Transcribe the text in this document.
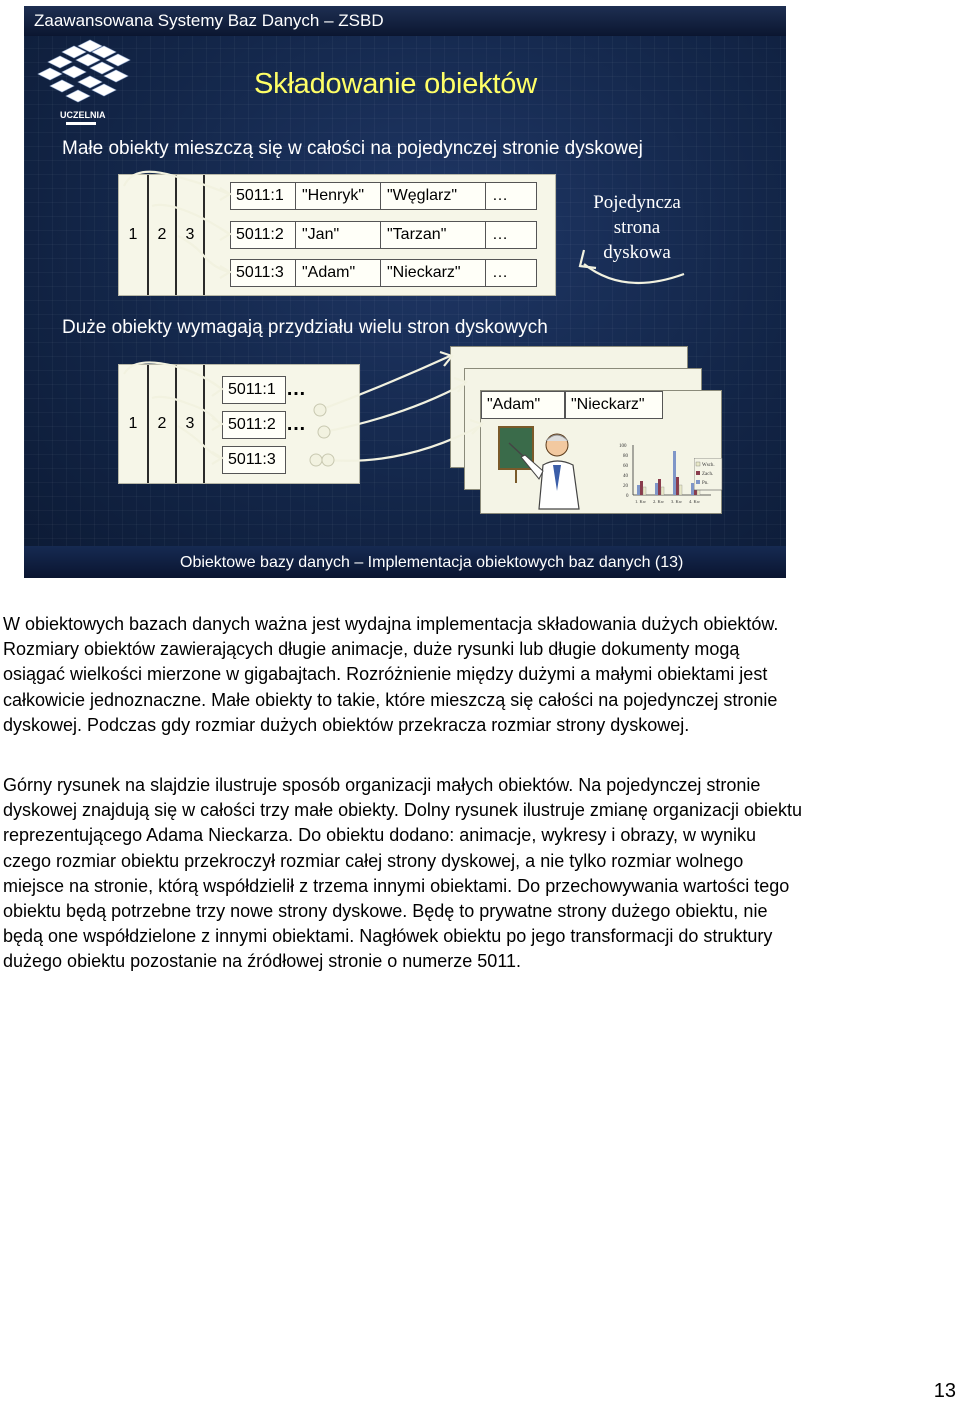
Zaawansowana Systemy Baz Danych – ZSBD
UCZELNIA
Składowanie obiektów
Małe obiekty mieszczą się w całości na pojedynczej stronie dyskowej
1	2	3
5011:1 "Henryk" "Węglarz" …
5011:2 "Jan"	"Tarzan"	…
5011:3 "Adam" "Nieckarz" …
Pojedyncza
strona
dyskowa
Duże obiekty wymagają przydziału wielu stron dyskowych
1	2	3
5011:1 …
5011:2 …
5011:3
"Adam" "Nieckarz"
100
80
60
40
20
0
1. Kw 2. Kw 3. Kw 4. Kw
Wsch.
Zach.
Pn.
Obiektowe bazy danych – Implementacja obiektowych baz danych (13)

W obiektowych bazach danych ważna jest wydajna implementacja składowania dużych obiektów. Rozmiary obiektów zawierających długie animacje, duże rysunki lub długie dokumenty mogą osiągać wielkości mierzone w gigabajtach. Rozróżnienie między dużymi a małymi obiektami jest całkowicie jednoznaczne. Małe obiekty to takie, które mieszczą się całości na pojedynczej stronie dyskowej. Podczas gdy rozmiar dużych obiektów przekracza rozmiar strony dyskowej.

Górny rysunek na slajdzie ilustruje sposób organizacji małych obiektów. Na pojedynczej stronie dyskowej znajdują się w całości trzy małe obiekty. Dolny rysunek ilustruje zmianę organizacji obiektu reprezentującego Adama Nieckarza. Do obiektu dodano: animacje, wykresy i obrazy, w wyniku czego rozmiar obiektu przekroczył rozmiar całej strony dyskowej, a nie tylko rozmiar wolnego miejsce na stronie, którą współdzielił z trzema innymi obiektami. Do przechowywania wartości tego obiektu będą potrzebne trzy nowe strony dyskowe. Będę to prywatne strony dużego obiektu, nie będą one współdzielone z innymi obiektami. Nagłówek obiektu po jego transformacji do struktury dużego obiektu pozostanie na źródłowej stronie o numerze 5011.

13
